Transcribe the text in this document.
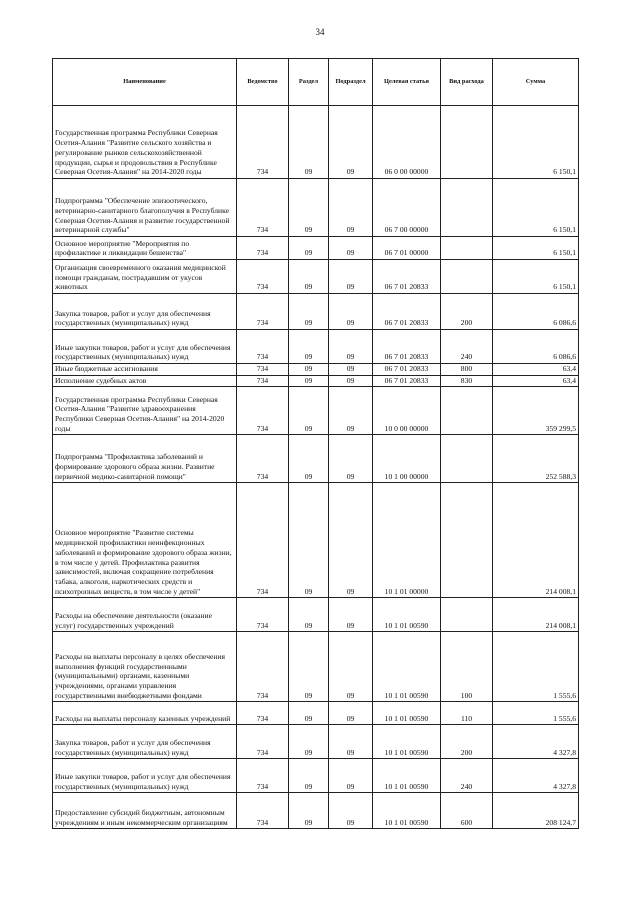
34
Наименование	Ведомство	Раздел	Подраздел	Целевая статья	Вид расхода	Сумма
Государственная программа Республики Северная Осетия-Алания "Развитие сельского хозяйства и регулирование рынков сельскохозяйственной продукции, сырья и продовольствия в Республике Северная Осетия-Алания" на 2014-2020 годы	734	09	09	06 0 00 00000		6 150,1
Подпрограмма "Обеспечение эпизоотического, ветеринарно-санитарного благополучия в Республике Северная Осетия-Алания и развитие государственной ветеринарной службы"	734	09	09	06 7 00 00000		6 150,1
Основное мероприятие "Мероприятия по профилактике и ликвидации бешенства"	734	09	09	06 7 01 00000		6 150,1
Организация своевременного оказания медицинской помощи гражданам, пострадавшим от укусов животных	734	09	09	06 7 01 20833		6 150,1
Закупка товаров, работ и услуг для обеспечения государственных (муниципальных) нужд	734	09	09	06 7 01 20833	200	6 086,6
Иные закупки товаров, работ и услуг для обеспечения государственных (муниципальных) нужд	734	09	09	06 7 01 20833	240	6 086,6
Иные бюджетные ассигнования	734	09	09	06 7 01 20833	800	63,4
Исполнение судебных актов	734	09	09	06 7 01 20833	830	63,4
Государственная программа Республики Северная Осетия-Алания "Развитие здравоохранения Республики Северная Осетия-Алания" на 2014-2020 годы	734	09	09	10 0 00 00000		359 299,5
Подпрограмма "Профилактика заболеваний и формирование здорового образа жизни. Развитие первичной медико-санитарной помощи"	734	09	09	10 1 00 00000		252 588,3
Основное мероприятие "Развитие системы медицинской профилактики неинфекционных заболеваний и формирование здорового образа жизни, в том числе у детей. Профилактика развития зависимостей, включая сокращение потребления табака, алкоголя, наркотических средств и психотропных веществ, в том числе у детей"	734	09	09	10 1 01 00000		214 008,1
Расходы на обеспечение деятельности (оказание услуг) государственных учреждений	734	09	09	10 1 01 00590		214 008,1
Расходы на выплаты персоналу в целях обеспечения выполнения функций государственными (муниципальными) органами, казенными учреждениями, органами управления государственными внебюджетными фондами	734	09	09	10 1 01 00590	100	1 555,6
Расходы на выплаты персоналу казенных учреждений	734	09	09	10 1 01 00590	110	1 555,6
Закупка товаров, работ и услуг для обеспечения государственных (муниципальных) нужд	734	09	09	10 1 01 00590	200	4 327,8
Иные закупки товаров, работ и услуг для обеспечения государственных (муниципальных) нужд	734	09	09	10 1 01 00590	240	4 327,8
Предоставление субсидий бюджетным, автономным учреждениям и иным некоммерческим организациям	734	09	09	10 1 01 00590	600	208 124,7
